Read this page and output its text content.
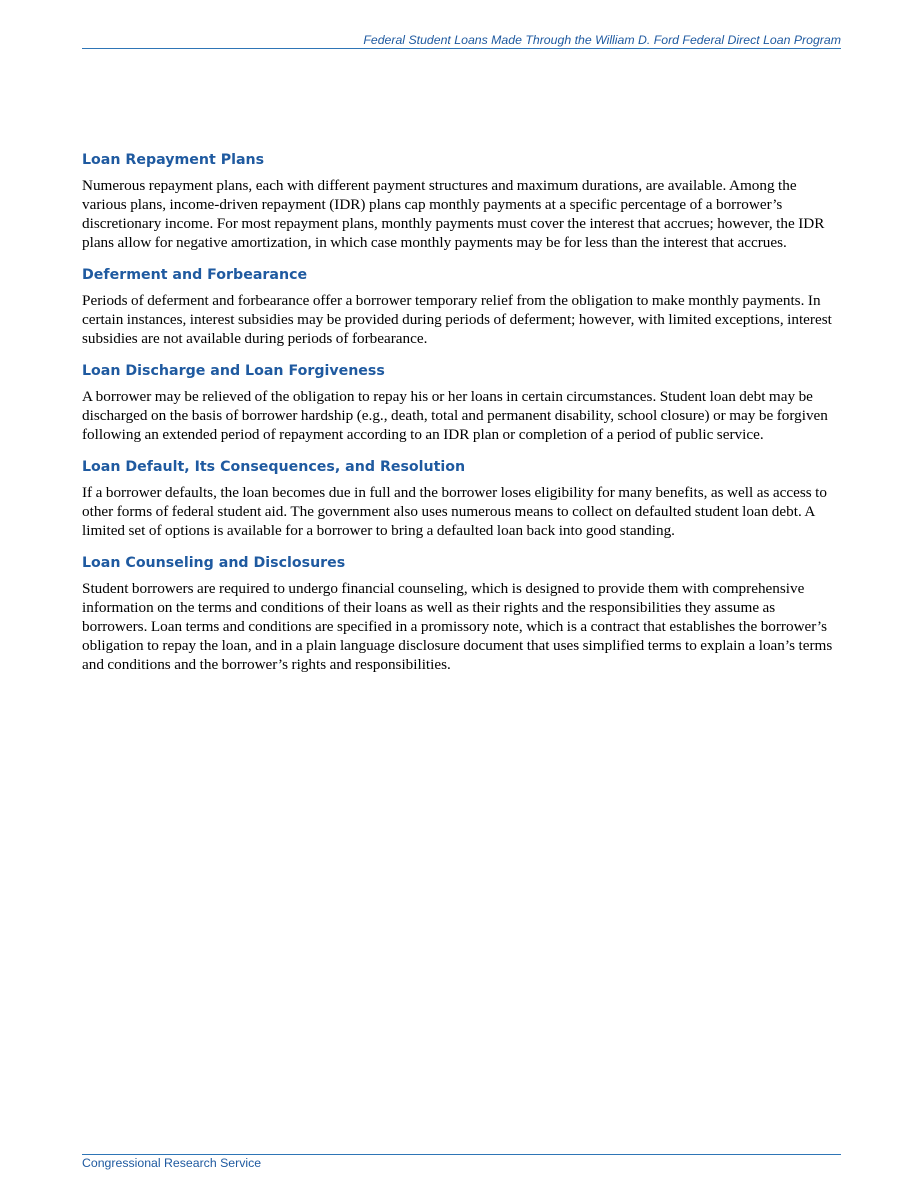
Federal Student Loans Made Through the William D. Ford Federal Direct Loan Program
Loan Repayment Plans

Numerous repayment plans, each with different payment structures and maximum durations, are available. Among the various plans, income-driven repayment (IDR) plans cap monthly payments at a specific percentage of a borrower’s discretionary income. For most repayment plans, monthly payments must cover the interest that accrues; however, the IDR plans allow for negative amortization, in which case monthly payments may be for less than the interest that accrues.

Deferment and Forbearance

Periods of deferment and forbearance offer a borrower temporary relief from the obligation to make monthly payments. In certain instances, interest subsidies may be provided during periods of deferment; however, with limited exceptions, interest subsidies are not available during periods of forbearance.

Loan Discharge and Loan Forgiveness

A borrower may be relieved of the obligation to repay his or her loans in certain circumstances. Student loan debt may be discharged on the basis of borrower hardship (e.g., death, total and permanent disability, school closure) or may be forgiven following an extended period of repayment according to an IDR plan or completion of a period of public service.

Loan Default, Its Consequences, and Resolution

If a borrower defaults, the loan becomes due in full and the borrower loses eligibility for many benefits, as well as access to other forms of federal student aid. The government also uses numerous means to collect on defaulted student loan debt. A limited set of options is available for a borrower to bring a defaulted loan back into good standing.

Loan Counseling and Disclosures

Student borrowers are required to undergo financial counseling, which is designed to provide them with comprehensive information on the terms and conditions of their loans as well as their rights and the responsibilities they assume as borrowers. Loan terms and conditions are specified in a promissory note, which is a contract that establishes the borrower’s obligation to repay the loan, and in a plain language disclosure document that uses simplified terms to explain a loan’s terms and conditions and the borrower’s rights and responsibilities.

Congressional Research Service
